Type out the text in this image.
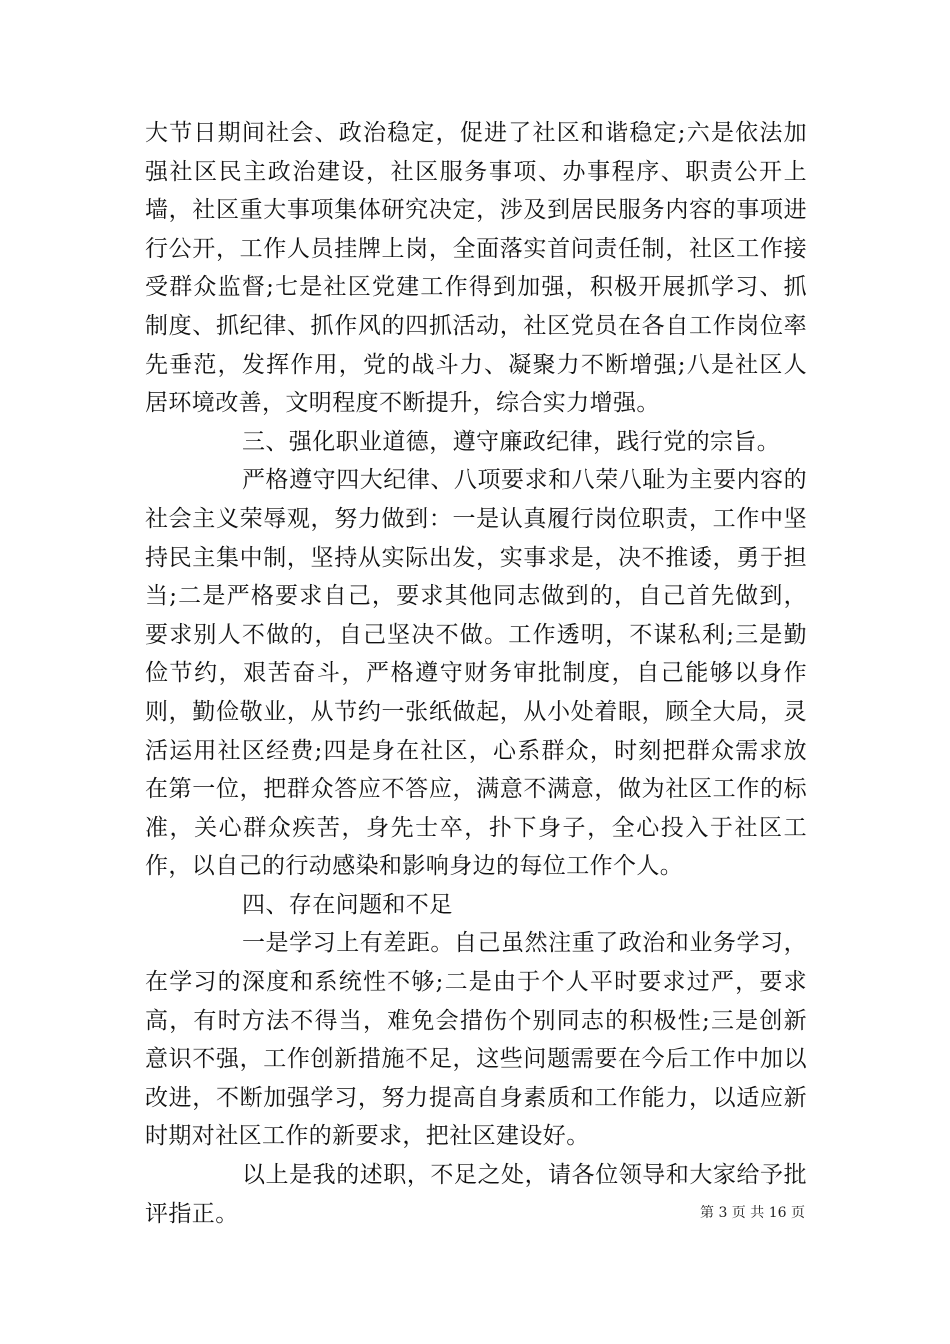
大节日期间社会、政治稳定，促进了社区和谐稳定;六是依法加强社区民主政治建设，社区服务事项、办事程序、职责公开上墙，社区重大事项集体研究决定，涉及到居民服务内容的事项进行公开，工作人员挂牌上岗，全面落实首问责任制，社区工作接受群众监督;七是社区党建工作得到加强，积极开展抓学习、抓制度、抓纪律、抓作风的四抓活动，社区党员在各自工作岗位率先垂范，发挥作用，党的战斗力、凝聚力不断增强;八是社区人居环境改善，文明程度不断提升，综合实力增强。

三、强化职业道德，遵守廉政纪律，践行党的宗旨。

严格遵守四大纪律、八项要求和八荣八耻为主要内容的社会主义荣辱观，努力做到：一是认真履行岗位职责，工作中坚持民主集中制，坚持从实际出发，实事求是，决不推诿，勇于担当;二是严格要求自己，要求其他同志做到的，自己首先做到，要求别人不做的，自己坚决不做。工作透明，不谋私利;三是勤俭节约，艰苦奋斗，严格遵守财务审批制度，自己能够以身作则，勤俭敬业，从节约一张纸做起，从小处着眼，顾全大局，灵活运用社区经费;四是身在社区，心系群众，时刻把群众需求放在第一位，把群众答应不答应，满意不满意，做为社区工作的标准，关心群众疾苦，身先士卒，扑下身子，全心投入于社区工作，以自己的行动感染和影响身边的每位工作个人。

四、存在问题和不足

一是学习上有差距。自己虽然注重了政治和业务学习，在学习的深度和系统性不够;二是由于个人平时要求过严，要求高，有时方法不得当，难免会措伤个别同志的积极性;三是创新意识不强，工作创新措施不足，这些问题需要在今后工作中加以改进，不断加强学习，努力提高自身素质和工作能力，以适应新时期对社区工作的新要求，把社区建设好。

以上是我的述职，不足之处，请各位领导和大家给予批评指正。	第 3 页 共 16 页
